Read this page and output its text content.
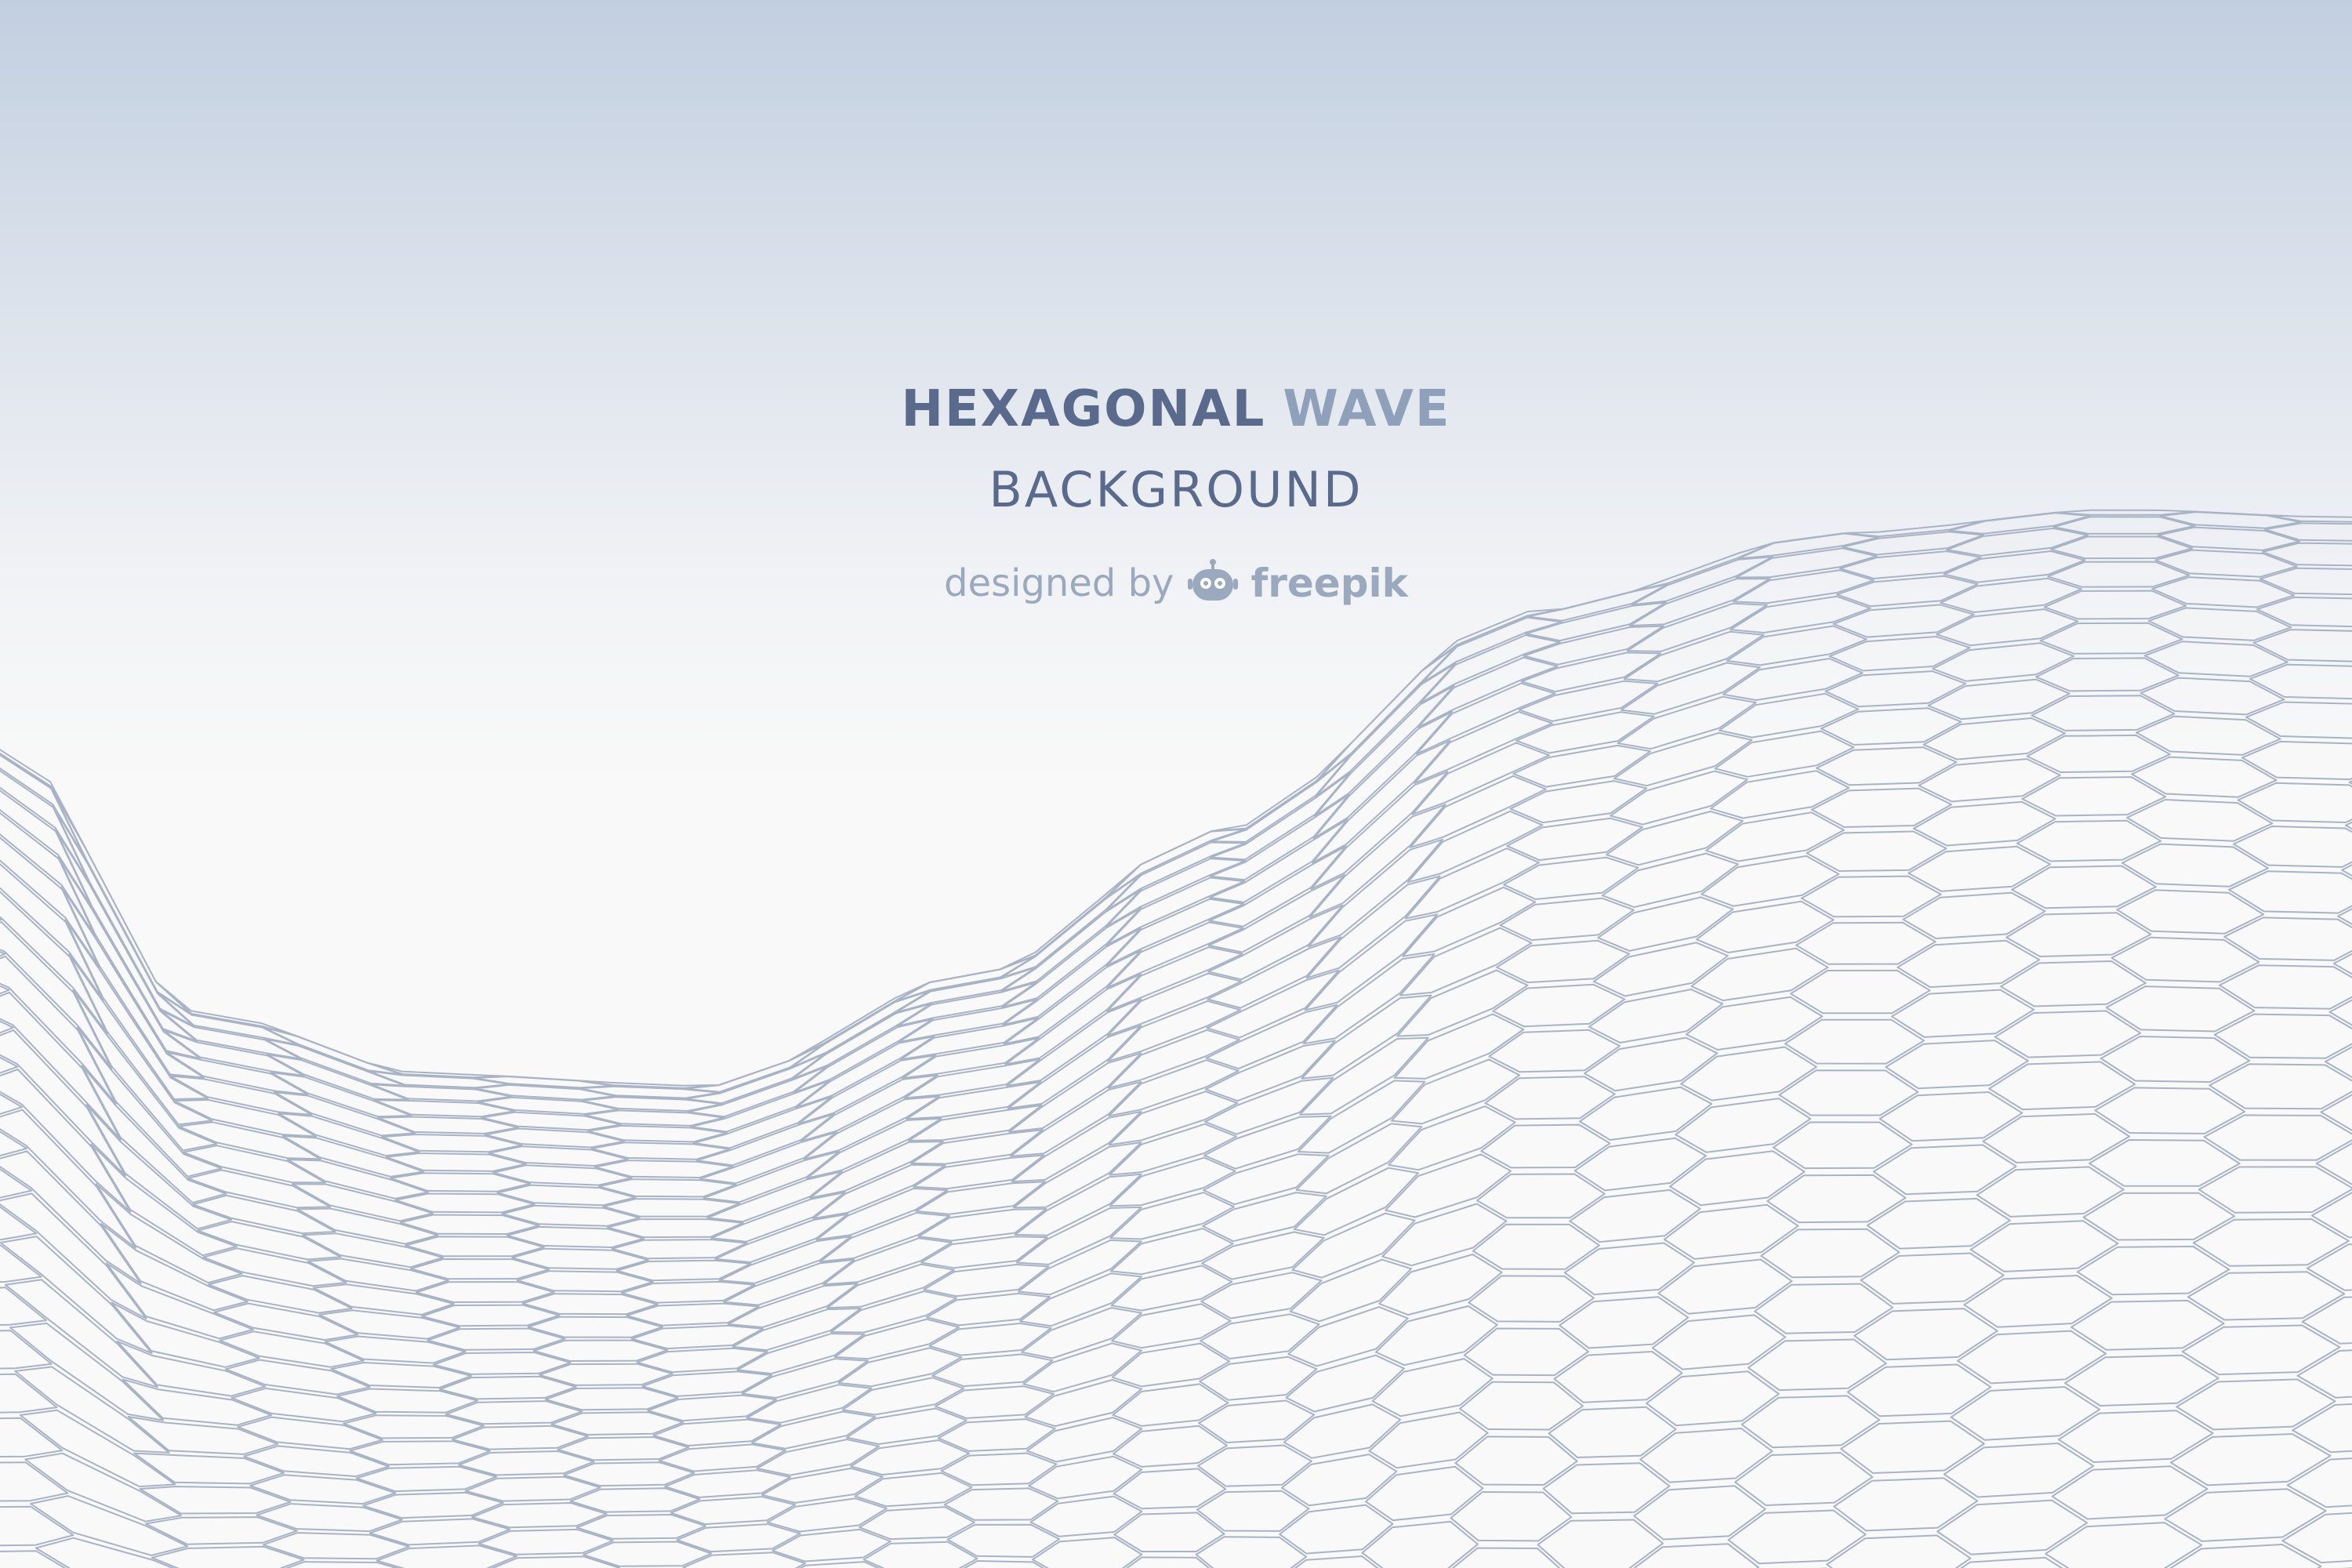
HEXAGONAL WAVE
BACKGROUND
designed by freepik
